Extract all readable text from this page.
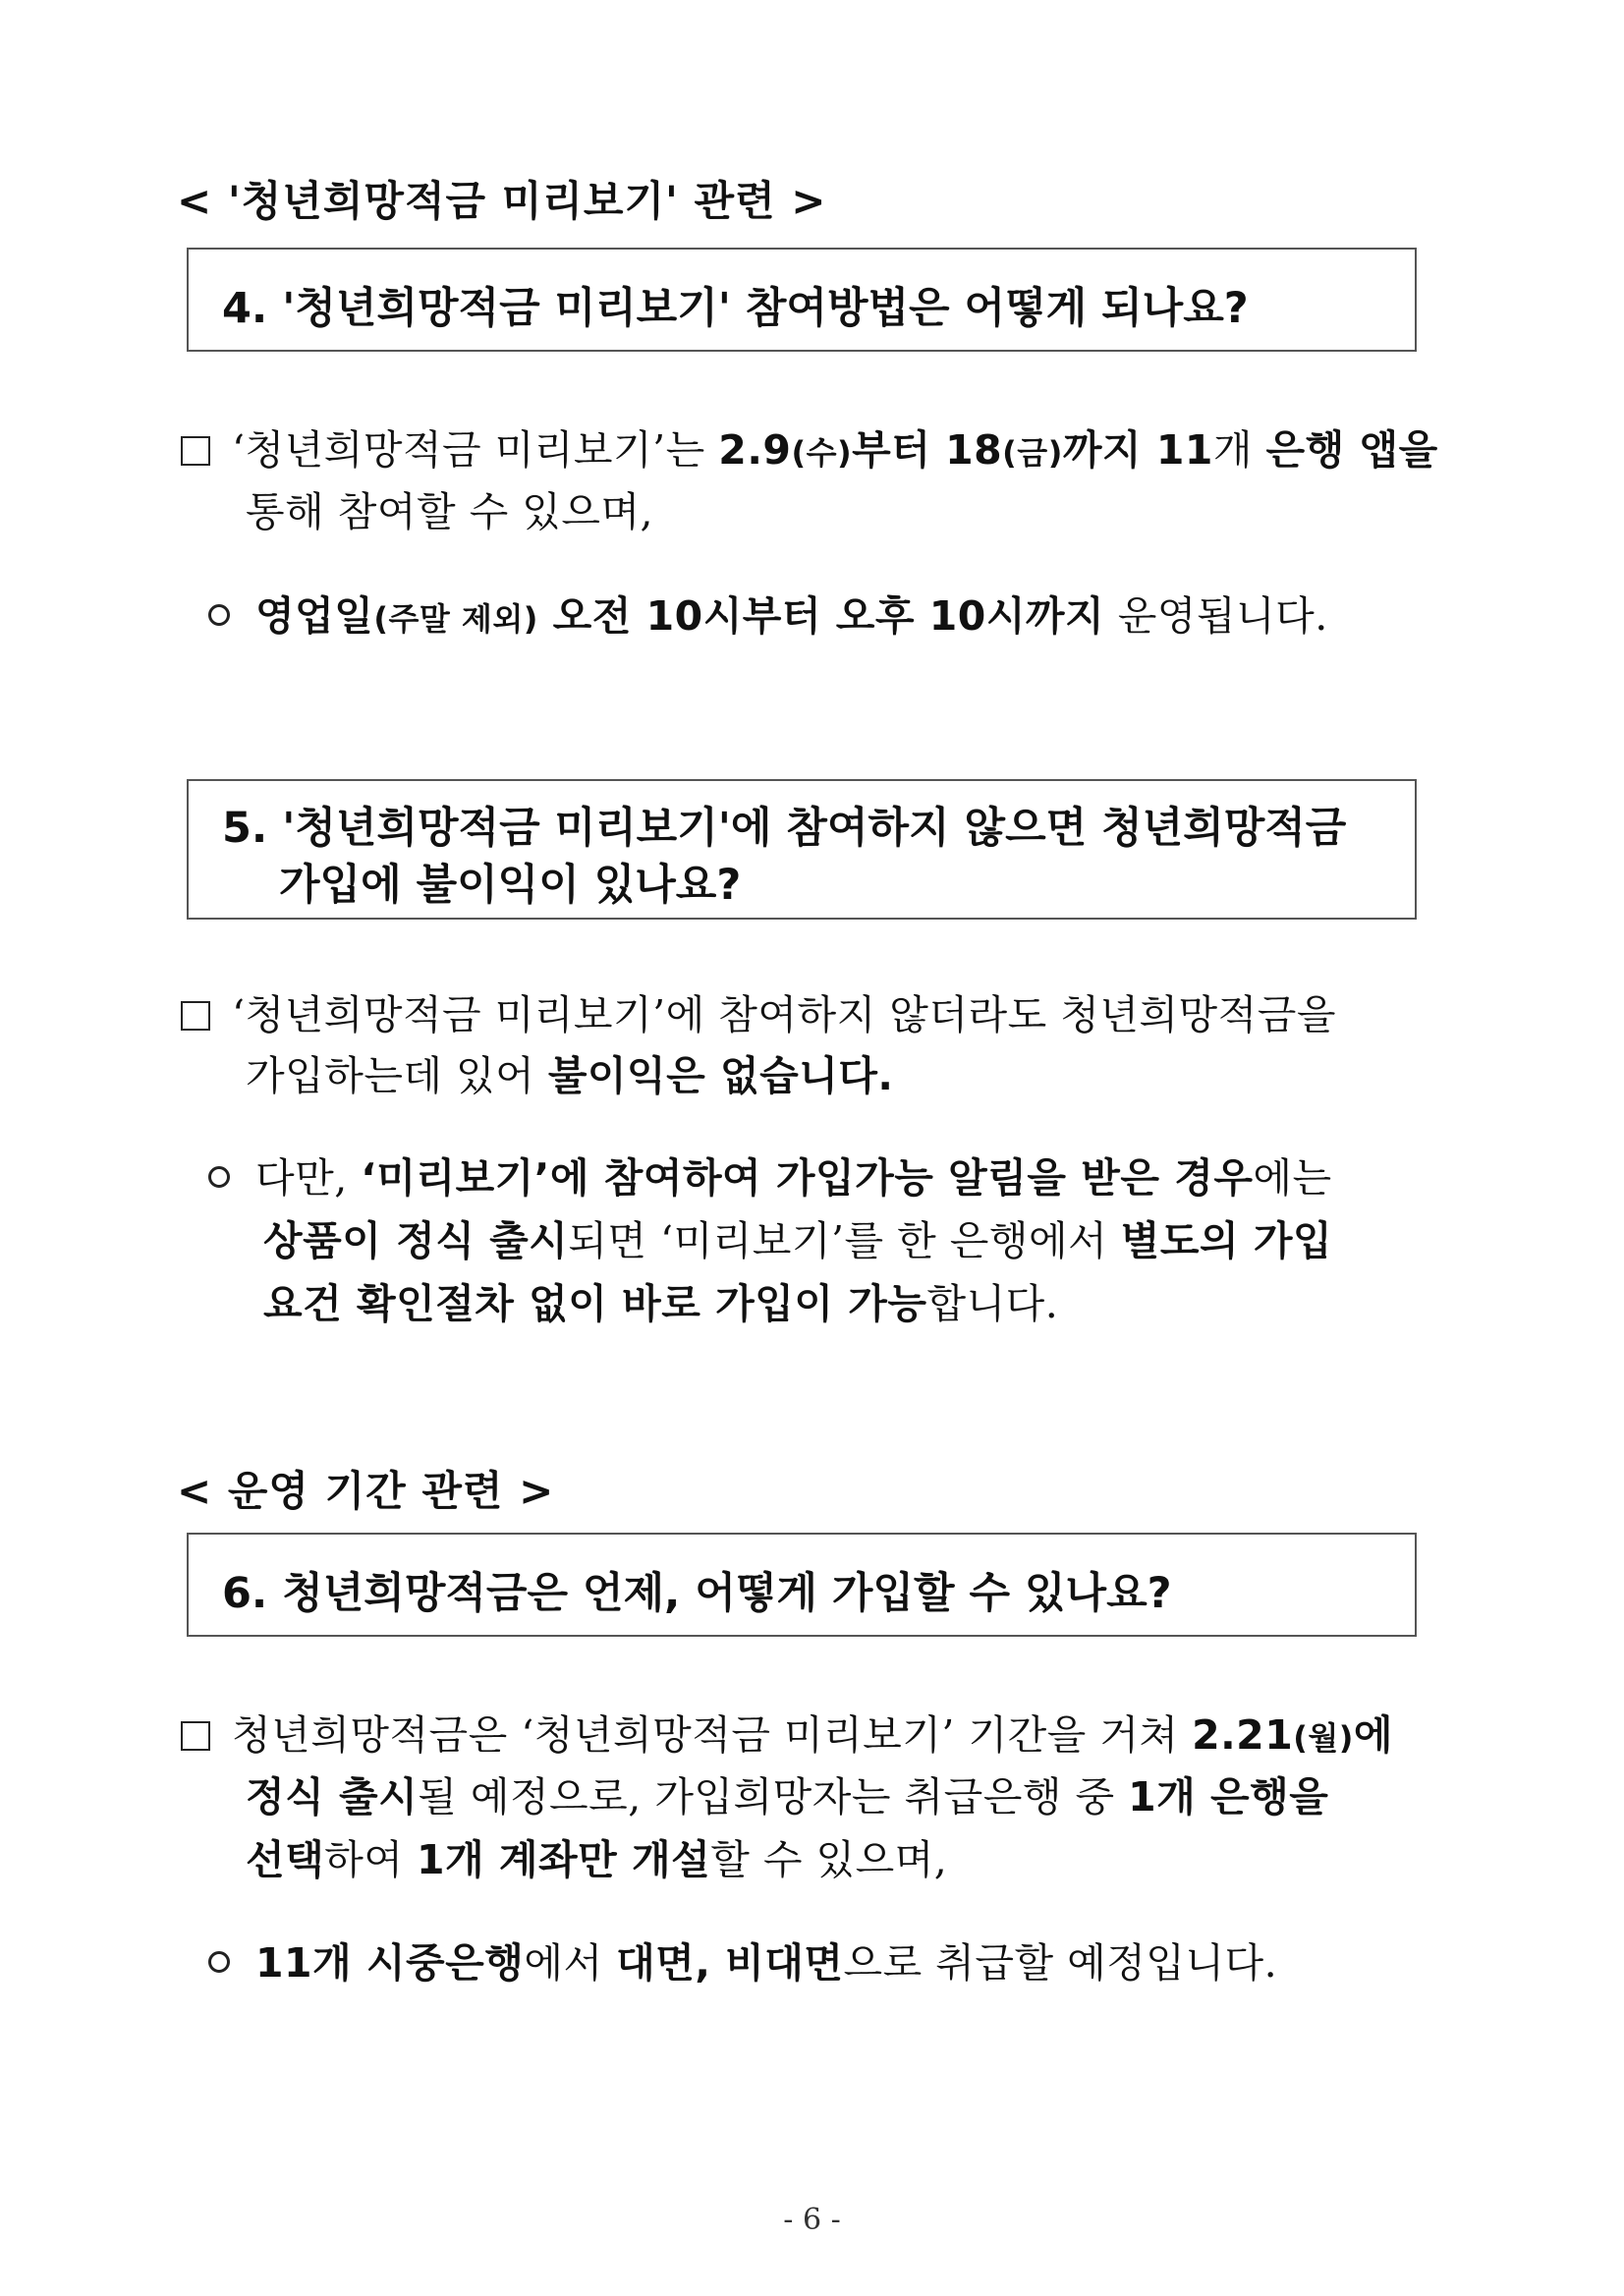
< '청년희망적금 미리보기' 관련 >
4. '청년희망적금 미리보기' 참여방법은 어떻게 되나요?
‘청년희망적금 미리보기’는 2.9(수)부터 18(금)까지 11개 은행 앱을
통해 참여할 수 있으며,
영업일(주말 제외) 오전 10시부터 오후 10시까지 운영됩니다.
5. '청년희망적금 미리보기'에 참여하지 않으면 청년희망적금
가입에 불이익이 있나요?
‘청년희망적금 미리보기’에 참여하지 않더라도 청년희망적금을
가입하는데 있어 불이익은 없습니다.
다만, ‘미리보기’에 참여하여 가입가능 알림을 받은 경우에는
상품이 정식 출시되면 ‘미리보기’를 한 은행에서 별도의 가입
요건 확인절차 없이 바로 가입이 가능합니다.
< 운영 기간 관련 >
6. 청년희망적금은 언제, 어떻게 가입할 수 있나요?
청년희망적금은 ‘청년희망적금 미리보기’ 기간을 거쳐 2.21(월)에
정식 출시될 예정으로, 가입희망자는 취급은행 중 1개 은행을
선택하여 1개 계좌만 개설할 수 있으며,
11개 시중은행에서 대면, 비대면으로 취급할 예정입니다.
- 6 -
